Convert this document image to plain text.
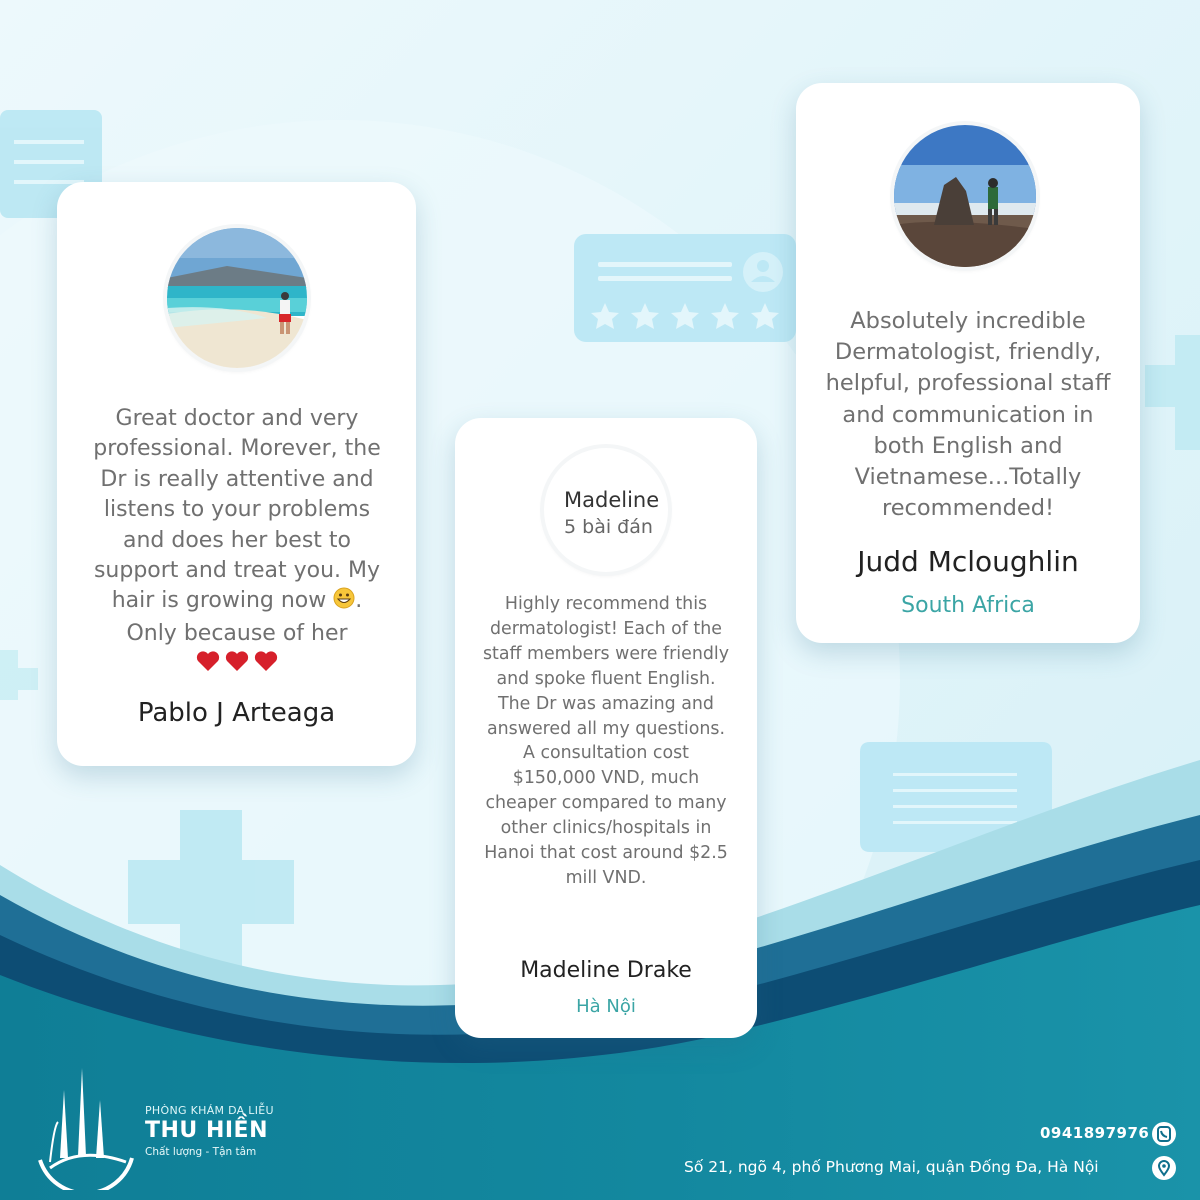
Great doctor and very professional. Morever, the Dr is really attentive and listens to your problems and does her best to support and treat you. My hair is growing now . Only because of her

Pablo J Arteaga

Madeline
5 bài đán

Highly recommend this dermatologist! Each of the staff members were friendly and spoke fluent English. The Dr was amazing and answered all my questions. A consultation cost $150,000 VND, much cheaper compared to many other clinics/hospitals in Hanoi that cost around $2.5 mill VND.

Madeline Drake

Hà Nội

Absolutely incredible Dermatologist, friendly, helpful, professional staff and communication in both English and Vietnamese...Totally recommended!

Judd Mcloughlin

South Africa

PHÒNG KHÁM DA LIỄU
THU HIỀN
Chất lượng - Tận tâm
0941897976
Số 21, ngõ 4, phố Phương Mai, quận Đống Đa, Hà Nội
